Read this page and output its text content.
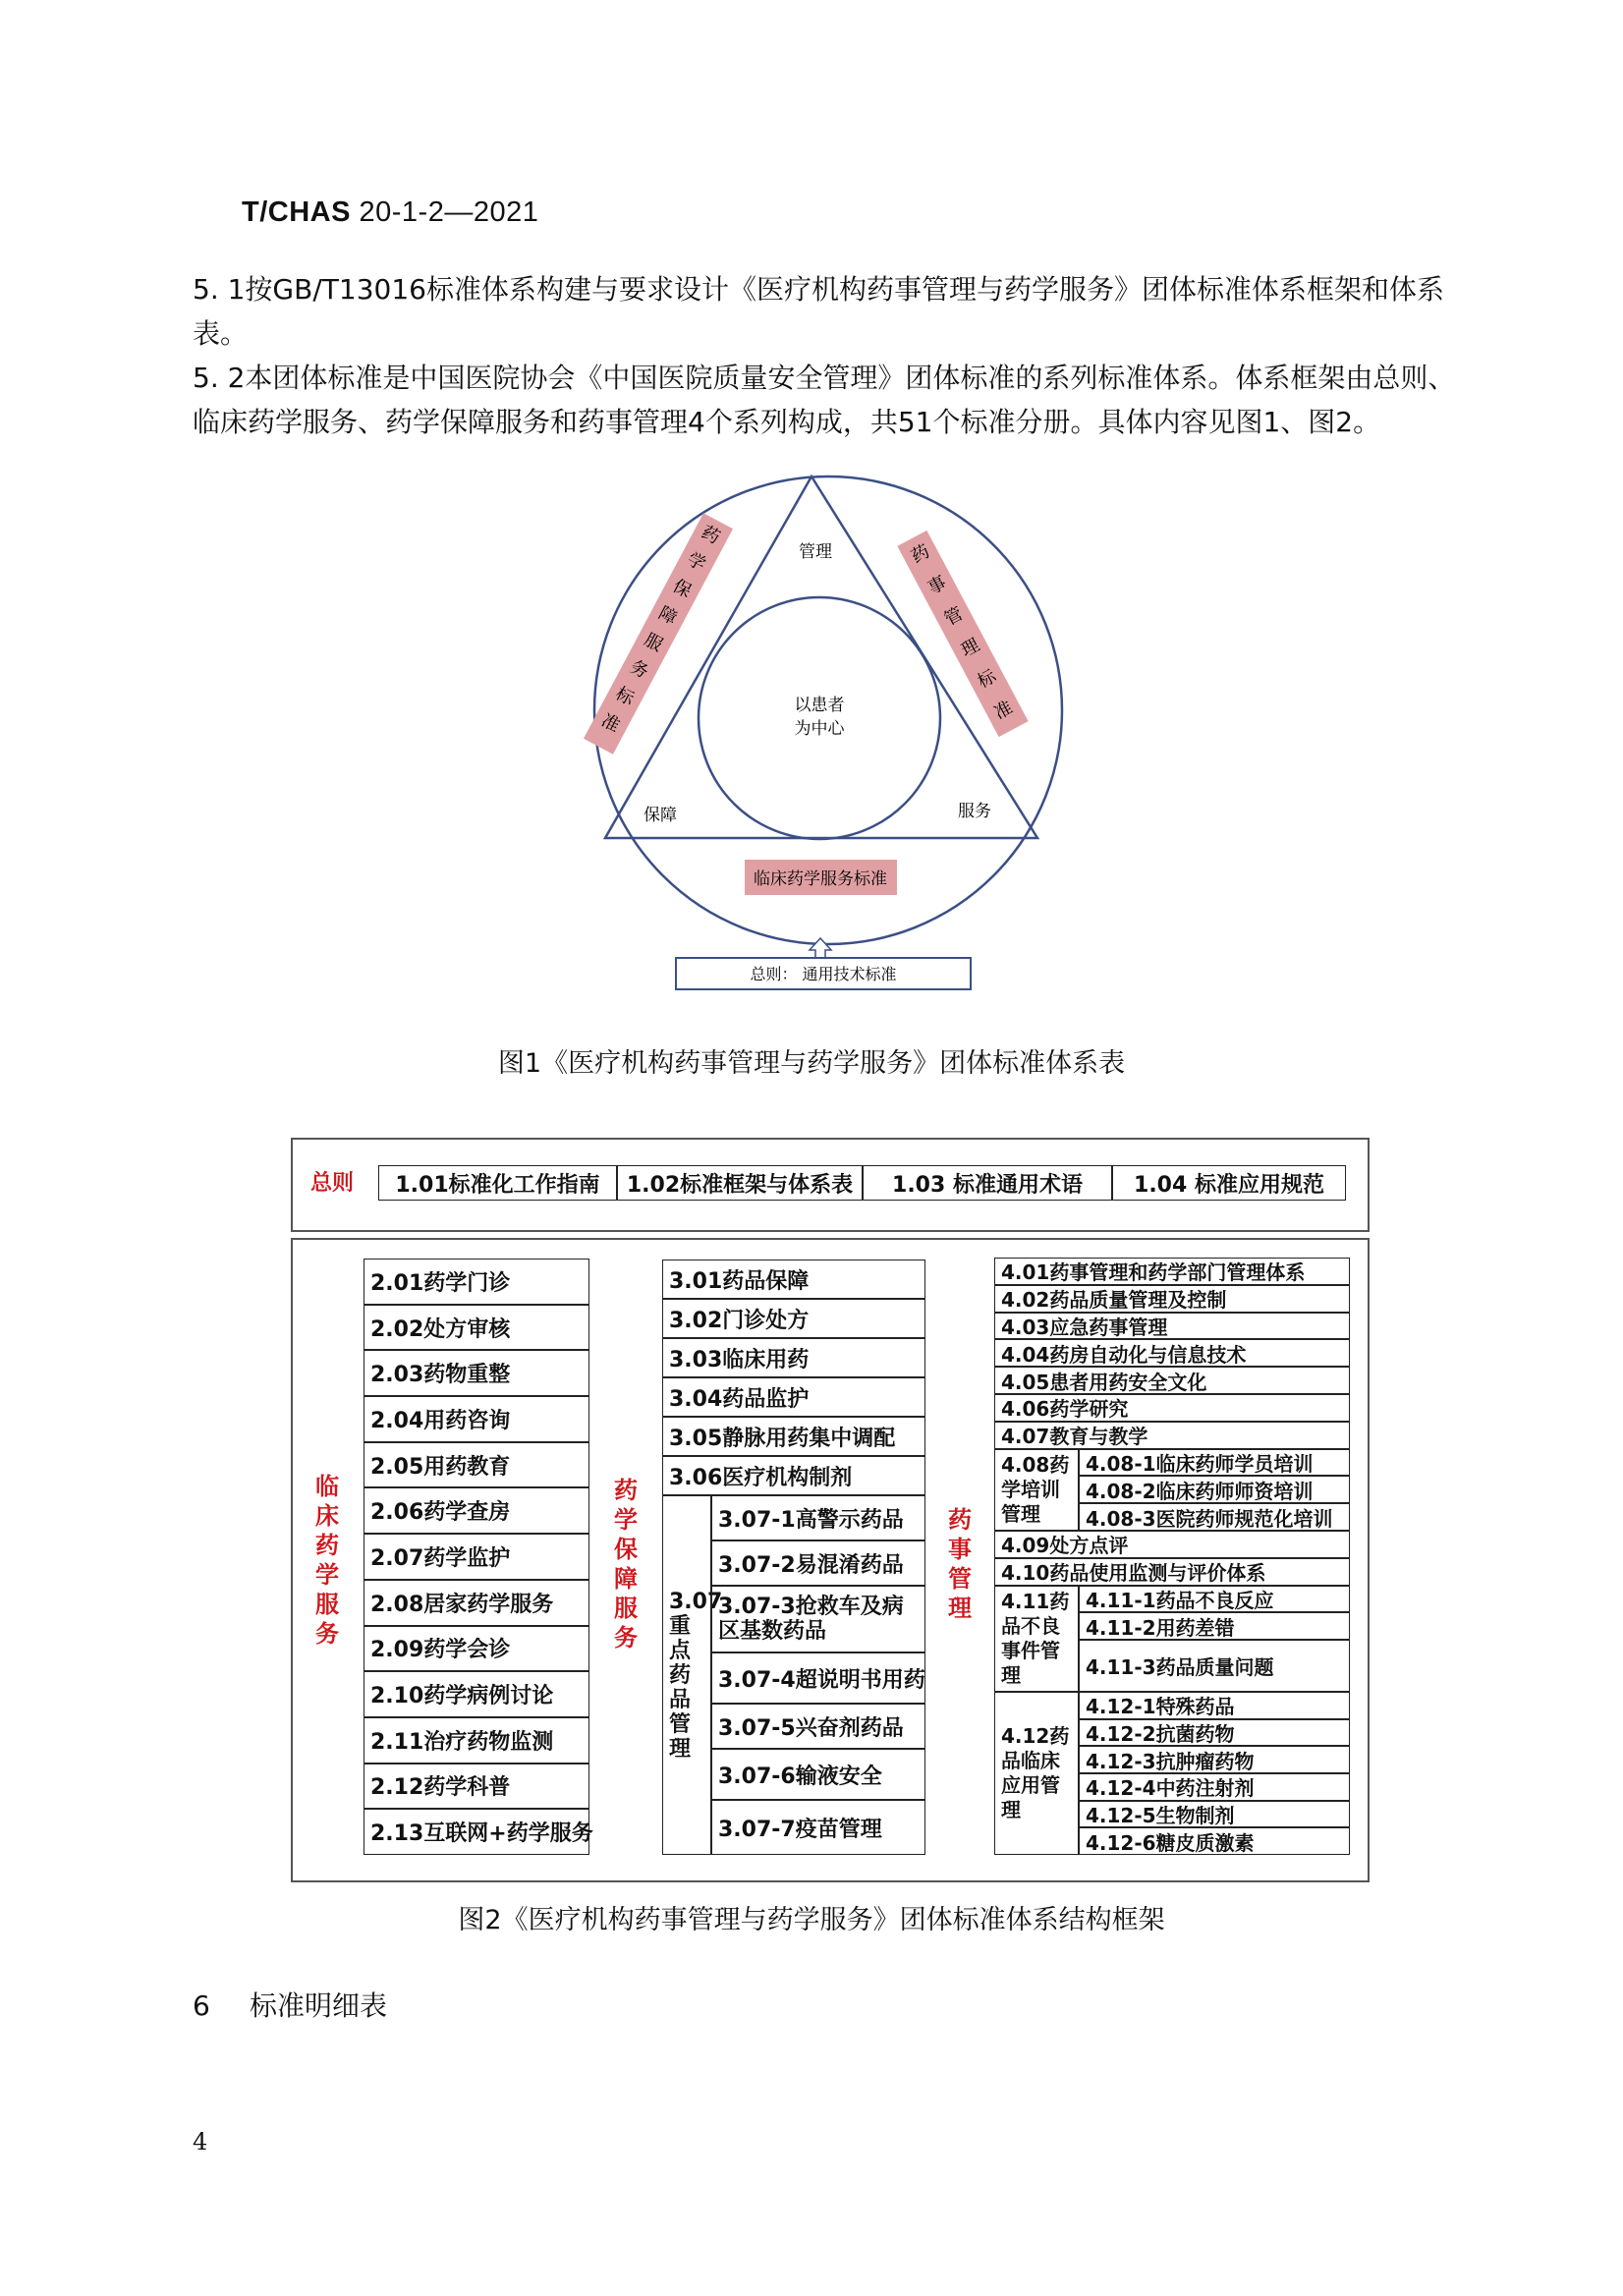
T/CHAS 20-1-2—2021
5. 1按GB/T13016标准体系构建与要求设计《医疗机构药事管理与药学服务》团体标准体系框架和体系
表。
5. 2本团体标准是中国医院协会《中国医院质量安全管理》团体标准的系列标准体系。体系框架由总则、
临床药学服务、药学保障服务和药事管理4个系列构成，共51个标准分册。具体内容见图1、图2。
以患者
为中心
管理
保障	服务
药
学
保
障
服
务
标
准
药
事
管
理
标
准
临床药学服务标准
总则： 通用技术标准
图1《医疗机构药事管理与药学服务》团体标准体系表
总则
临
床
药
学
服
务
药
学
保
障
服
务
药
事
管
理
图2《医疗机构药事管理与药学服务》团体标准体系结构框架
6 标准明细表
4
1.01标准化工作指南	1.02标准框架与体系表	1.03 标准通用术语	1.04 标准应用规范
2.01药学门诊
2.02处方审核
2.03药物重整
2.04用药咨询
2.05用药教育
2.06药学查房
2.07药学监护
2.08居家药学服务
2.09药学会诊
2.10药学病例讨论
2.11治疗药物监测
2.12药学科普
2.13互联网+药学服务
3.01药品保障
3.02门诊处方
3.03临床用药
3.04药品监护
3.05静脉用药集中调配
3.06医疗机构制剂
3.07
重点
药品
管理
3.07-1高警示药品
3.07-2易混淆药品
3.07-3抢救车及病区基数药品
3.07-4超说明书用药
3.07-5兴奋剂药品
3.07-6输液安全
3.07-7疫苗管理
4.01药事管理和药学部门管理体系
4.02药品质量管理及控制
4.03应急药事管理
4.04药房自动化与信息技术
4.05患者用药安全文化
4.06药学研究
4.07教育与教学
4.08药学培训管理
4.08-1临床药师学员培训
4.08-2临床药师师资培训
4.08-3医院药师规范化培训
4.09处方点评
4.10药品使用监测与评价体系
4.11药品不良事件管理
4.11-1药品不良反应
4.11-2用药差错
4.11-3药品质量问题
4.12药品临床应用管理
4.12-1特殊药品
4.12-2抗菌药物
4.12-3抗肿瘤药物
4.12-4中药注射剂
4.12-5生物制剂
4.12-6糖皮质激素
